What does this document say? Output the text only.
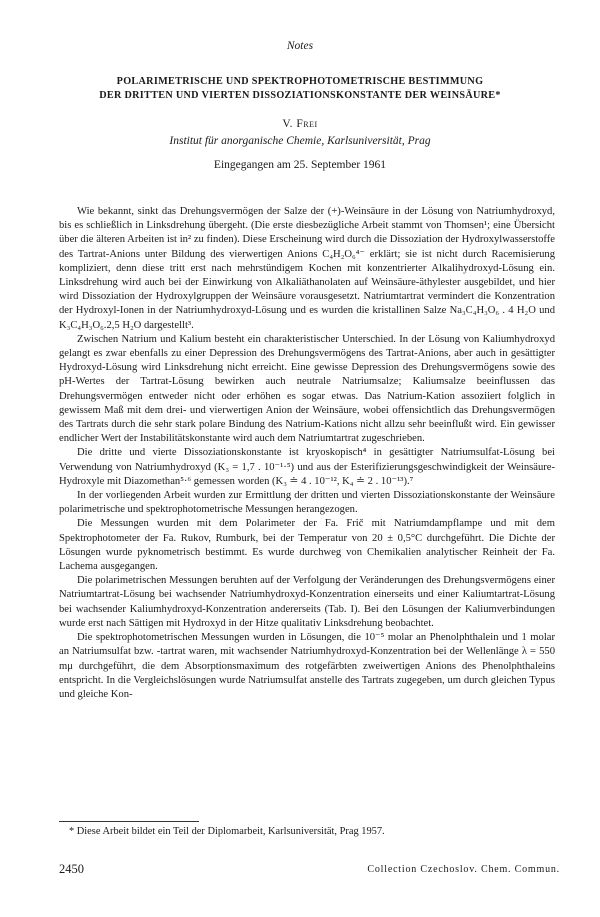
Notes
POLARIMETRISCHE UND SPEKTROPHOTOMETRISCHE BESTIMMUNG
DER DRITTEN UND VIERTEN DISSOZIATIONSKONSTANTE DER WEINSÄURE*
V. Frei
Institut für anorganische Chemie, Karlsuniversität, Prag
Eingegangen am 25. September 1961

Wie bekannt, sinkt das Drehungsvermögen der Salze der (+)-Weinsäure in der Lösung von Natriumhydroxyd, bis es schließlich in Linksdrehung übergeht. (Die erste diesbezügliche Arbeit stammt von Thomsen¹; eine Übersicht über die älteren Arbeiten ist in² zu finden). Diese Erscheinung wird durch die Dissoziation der Hydroxylwasserstoffe des Tartrat-Anions unter Bildung des vierwertigen Anions C₄H₂O₆⁴⁻ erklärt; sie ist nicht durch Racemisierung kompliziert, denn diese tritt erst nach mehrstündigem Kochen mit konzentrierter Alkalihydroxyd-Lösung ein. Linksdrehung wird auch bei der Einwirkung von Alkaliäthanolaten auf Weinsäure-äthylester ausgebildet, und hier wird Dissoziation der Hydroxylgruppen der Weinsäure vorausgesetzt. Natriumtartrat vermindert die Konzentration der Hydroxyl-Ionen in der Natriumhydroxyd-Lösung und es wurden die kristallinen Salze Na₃C₄H₃O₆ . 4 H₂O und K₃C₄H₃O₆.2,5 H₂O dargestellt³.

Zwischen Natrium und Kalium besteht ein charakteristischer Unterschied. In der Lösung von Kaliumhydroxyd gelangt es zwar ebenfalls zu einer Depression des Drehungsvermögens des Tartrat-Anions, aber auch in gesättigter Hydroxyd-Lösung wird Linksdrehung nicht erreicht. Eine gewisse Depression des Drehungsvermögens sowie des pH-Wertes der Tartrat-Lösung bewirken auch neutrale Natriumsalze; Kaliumsalze beeinflussen das Drehungsvermögen entweder nicht oder erhöhen es sogar etwas. Das Natrium-Kation assoziiert folglich in gewissem Maß mit dem drei- und vierwertigen Anion der Weinsäure, wobei offensichtlich das Drehungsvermögen des Tartrats durch die sehr stark polare Bindung des Natrium-Kations nicht allzu sehr beeinflußt wird. Ein gewisser endlicher Wert der Instabilitätskonstante wird auch dem Natriumtartrat zugeschrieben.

Die dritte und vierte Dissoziationskonstante ist kryoskopisch⁴ in gesättigter Natriumsulfat-Lösung bei Verwendung von Natriumhydroxyd (K₃ = 1,7 . 10⁻¹·⁵) und aus der Esterifizierungsgeschwindigkeit der Weinsäure-Hydroxyle mit Diazomethan⁵·⁶ gemessen worden (K₃ ≐ 4 . 10⁻¹², K₄ ≐ 2 . 10⁻¹³).⁷

In der vorliegenden Arbeit wurden zur Ermittlung der dritten und vierten Dissoziationskonstante der Weinsäure polarimetrische und spektrophotometrische Messungen herangezogen.

Die Messungen wurden mit dem Polarimeter der Fa. Frič mit Natriumdampflampe und mit dem Spektrophotometer der Fa. Rukov, Rumburk, bei der Temperatur von 20 ± 0,5°C durchgeführt. Die Dichte der Lösungen wurde pyknometrisch bestimmt. Es wurde durchweg von Chemikalien analytischer Reinheit der Fa. Lachema ausgegangen.

Die polarimetrischen Messungen beruhten auf der Verfolgung der Veränderungen des Drehungsvermögens einer Natriumtartrat-Lösung bei wachsender Natriumhydroxyd-Konzentration einerseits und einer Kaliumtartrat-Lösung bei wachsender Kaliumhydroxyd-Konzentration andererseits (Tab. I). Bei den Lösungen der Kaliumverbindungen wurde erst nach Sättigen mit Hydroxyd in der Hitze qualitativ Linksdrehung beobachtet.

Die spektrophotometrischen Messungen wurden in Lösungen, die 10⁻⁵ molar an Phenolphthalein und 1 molar an Natriumsulfat bzw. -tartrat waren, mit wachsender Natriumhydroxyd-Konzentration bei der Wellenlänge λ = 550 mμ durchgeführt, die dem Absorptionsmaximum des rotgefärbten zweiwertigen Anions des Phenolphthaleins entspricht. In die Vergleichslösungen wurde Natriumsulfat anstelle des Tartrats zugegeben, um durch gleichen Typus und gleiche Kon-

* Diese Arbeit bildet ein Teil der Diplomarbeit, Karlsuniversität, Prag 1957.
2450	Collection Czechoslov. Chem. Commun.
